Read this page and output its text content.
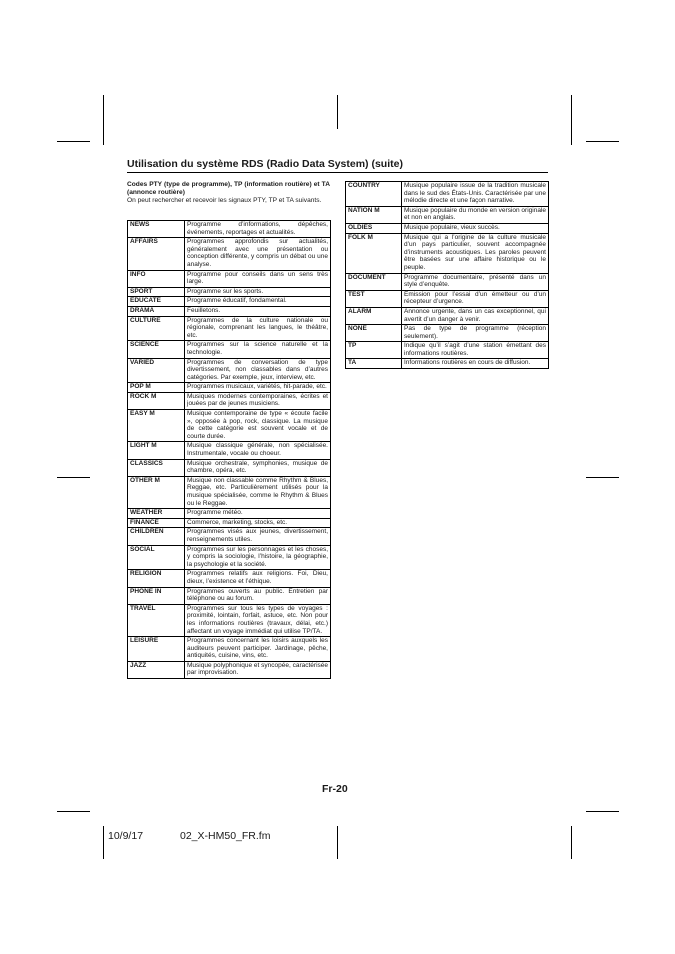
Utilisation du système RDS (Radio Data System) (suite)
Codes PTY (type de programme), TP (information routière) et TA (annonce routière)
On peut rechercher et recevoir les signaux PTY, TP et TA suivants.
NEWS	Programme d’informations, dépêches, événements, reportages et actualités.
AFFAIRS	Programmes approfondis sur actualités, généralement avec une présentation ou conception différente, y compris un débat ou une analyse.
INFO	Programme pour conseils dans un sens très large.
SPORT	Programme sur les sports.
EDUCATE	Programme éducatif, fondamental.
DRAMA	Feuilletons.
CULTURE	Programmes de la culture nationale ou régionale, comprenant les langues, le théâtre, etc.
SCIENCE	Programmes sur la science naturelle et la technologie.
VARIED	Programmes de conversation de type divertissement, non classables dans d’autres catégories. Par exemple, jeux, interview, etc.
POP M	Programmes musicaux, variétés, hit-parade, etc.
ROCK M	Musiques modernes contemporaines, écrites et jouées par de jeunes musiciens.
EASY M	Musique contemporaine de type « écoute facile », opposée à pop, rock, classique. La musique de cette catégorie est souvent vocale et de courte durée.
LIGHT M	Musique classique générale, non spécialisée. Instrumentale, vocale ou choeur.
CLASSICS	Musique orchestrale, symphonies, musique de chambre, opéra, etc.
OTHER M	Musique non classable comme Rhythm & Blues, Reggae, etc. Particulièrement utilisés pour la musique spécialisée, comme le Rhythm & Blues ou le Reggae.
WEATHER	Programme météo.
FINANCE	Commerce, marketing, stocks, etc.
CHILDREN	Programmes visés aux jeunes, divertissement, renseignements utiles.
SOCIAL	Programmes sur les personnages et les choses, y compris la sociologie, l’histoire, la géographie, la psychologie et la société.
RELIGION	Programmes relatifs aux religions. Foi, Dieu, dieux, l’existence et l’éthique.
PHONE IN	Programmes ouverts au public. Entretien par téléphone ou au forum.
TRAVEL	Programmes sur tous les types de voyages : proximité, lointain, forfait, astuce, etc. Non pour les informations routières (travaux, délai, etc.) affectant un voyage immédiat qui utilise TP/TA.
LEISURE	Programmes concernant les loisirs auxquels les auditeurs peuvent participer. Jardinage, pêche, antiquités, cuisine, vins, etc.
JAZZ	Musique polyphonique et syncopée, caractérisée par improvisation.
COUNTRY	Musique populaire issue de la tradition musicale dans le sud des États-Unis. Caractérisée par une mélodie directe et une façon narrative.
NATION M	Musique populaire du monde en version originale et non en anglais.
OLDIES	Musique populaire, vieux succès.
FOLK M	Musique qui a l’origine de la culture musicale d’un pays particulier, souvent accompagnée d’instruments acoustiques. Les paroles peuvent être basées sur une affaire historique ou le peuple.
DOCUMENT	Programme documentaire, présenté dans un style d’enquête.
TEST	Émission pour l’essai d’un émetteur ou d’un récepteur d’urgence.
ALARM	Annonce urgente, dans un cas exceptionnel, qui avertit d’un danger à venir.
NONE	Pas de type de programme (réception seulement).
TP	Indique qu’il s’agit d’une station émettant des informations routières.
TA	Informations routières en cours de diffusion.
Fr-20
10/9/17	02_X-HM50_FR.fm
